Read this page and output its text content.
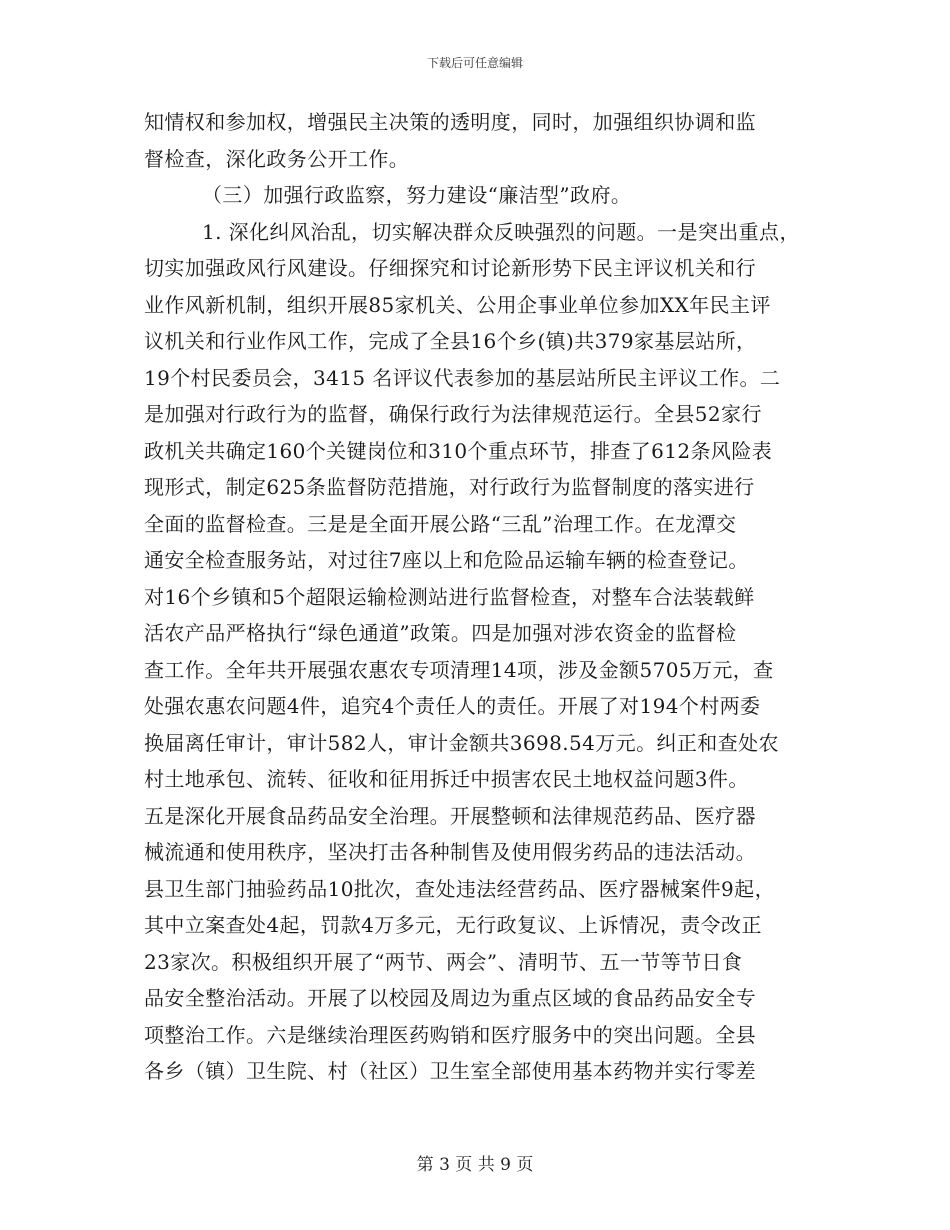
下载后可任意编辑
知情权和参加权，增强民主决策的透明度，同时，加强组织协调和监
督检查，深化政务公开工作。
（三）加强行政监察，努力建设“廉洁型”政府。
1. 深化纠风治乱，切实解决群众反映强烈的问题。一是突出重点，
切实加强政风行风建设。仔细探究和讨论新形势下民主评议机关和行
业作风新机制，组织开展85家机关、公用企事业单位参加XX年民主评
议机关和行业作风工作，完成了全县16个乡(镇)共379家基层站所，
19个村民委员会，3415 名评议代表参加的基层站所民主评议工作。二
是加强对行政行为的监督，确保行政行为法律规范运行。全县52家行
政机关共确定160个关键岗位和310个重点环节，排查了612条风险表
现形式，制定625条监督防范措施，对行政行为监督制度的落实进行
全面的监督检查。三是是全面开展公路“三乱”治理工作。在龙潭交
通安全检查服务站，对过往7座以上和危险品运输车辆的检查登记。
对16个乡镇和5个超限运输检测站进行监督检查，对整车合法装载鲜
活农产品严格执行“绿色通道”政策。四是加强对涉农资金的监督检
查工作。全年共开展强农惠农专项清理14项，涉及金额5705万元，查
处强农惠农问题4件，追究4个责任人的责任。开展了对194个村两委
换届离任审计，审计582人，审计金额共3698.54万元。纠正和查处农
村土地承包、流转、征收和征用拆迁中损害农民土地权益问题3件。
五是深化开展食品药品安全治理。开展整顿和法律规范药品、医疗器
械流通和使用秩序，坚决打击各种制售及使用假劣药品的违法活动。
县卫生部门抽验药品10批次，查处违法经营药品、医疗器械案件9起，
其中立案查处4起，罚款4万多元，无行政复议、上诉情况，责令改正
23家次。积极组织开展了“两节、两会”、清明节、五一节等节日食
品安全整治活动。开展了以校园及周边为重点区域的食品药品安全专
项整治工作。六是继续治理医药购销和医疗服务中的突出问题。全县
各乡（镇）卫生院、村（社区）卫生室全部使用基本药物并实行零差
第 3 页 共 9 页
